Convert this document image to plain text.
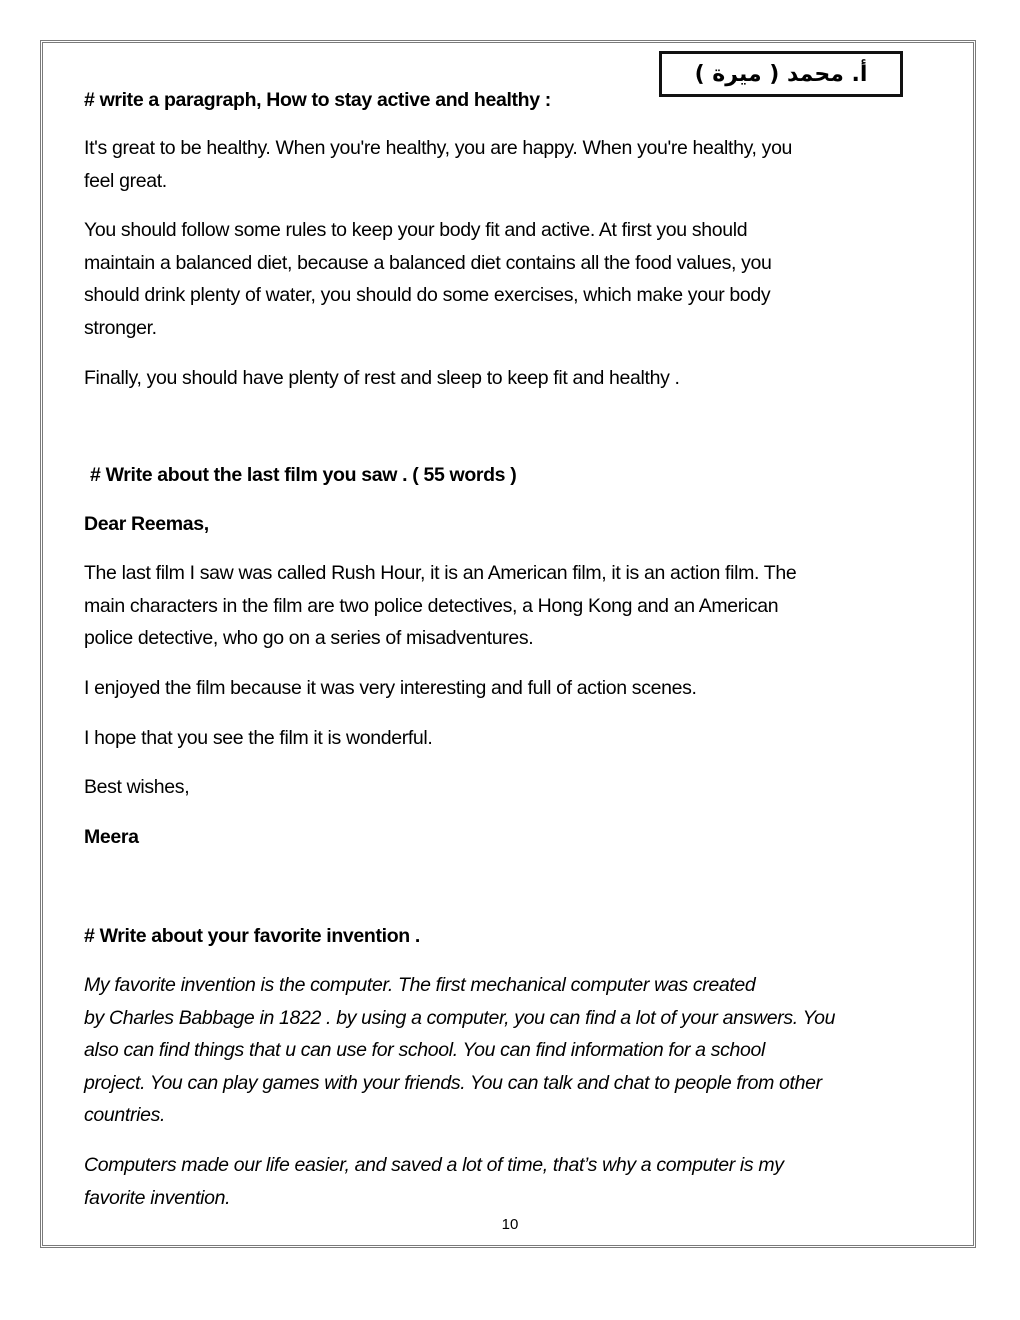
أ. محمد ( ميرة )
# write a paragraph, How to stay active and healthy :
It's great to be healthy. When you're healthy, you are happy. When you're healthy, you
feel great.
You should follow some rules to keep your body fit and active. At first you should
maintain a balanced diet, because a balanced diet contains all the food values, you
should drink plenty of water, you should do some exercises, which make your body
stronger.
Finally, you should have plenty of rest and sleep to keep fit and healthy .
# Write about the last film you saw . ( 55 words )
Dear Reemas,
The last film I saw was called Rush Hour, it is an American film, it is an action film. The
main characters in the film are two police detectives, a Hong Kong and an American
police detective, who go on a series of misadventures.
I enjoyed the film because it was very interesting and full of action scenes.
I hope that you see the film it is wonderful.
Best wishes,
Meera
# Write about your favorite invention .
My favorite invention is the computer. The first mechanical computer was created
by Charles Babbage in 1822 . by using a computer, you can find a lot of your answers. You
also can find things that u can use for school. You can find information for a school
project. You can play games with your friends. You can talk and chat to people from other
countries.
Computers made our life easier, and saved a lot of time, that’s why a computer is my
favorite invention.
10
